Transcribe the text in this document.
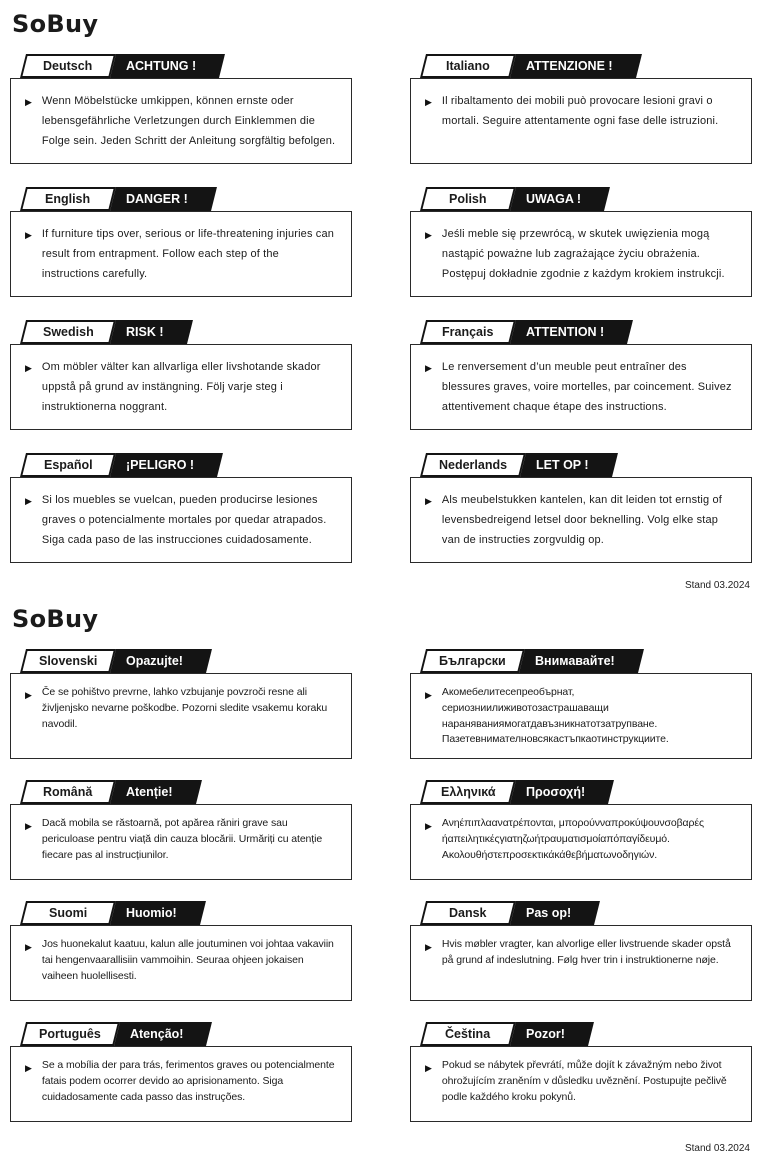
SoBuy
Deutsch	ACHTUNG !
▶ Wenn Möbelstücke umkippen, können ernste oder lebensgefährliche Verletzungen durch Einklemmen die Folge sein. Jeden Schritt der Anleitung sorgfältig befolgen.

Italiano	ATTENZIONE !
▶ Il ribaltamento dei mobili può provocare lesioni gravi o mortali. Seguire attentamente ogni fase delle istruzioni.

English	DANGER !
▶ If furniture tips over, serious or life-threatening injuries can result from entrapment. Follow each step of the instructions carefully.

Polish	UWAGA !
▶ Jeśli meble się przewrócą, w skutek uwięzienia mogą nastąpić poważne lub zagrażające życiu obrażenia. Postępuj dokładnie zgodnie z każdym krokiem instrukcji.

Swedish	RISK !
▶ Om möbler välter kan allvarliga eller livshotande skador uppstå på grund av instängning. Följ varje steg i instruktionerna noggrant.

Français	ATTENTION !
▶ Le renversement d’un meuble peut entraîner des blessures graves, voire mortelles, par coincement. Suivez attentivement chaque étape des instructions.

Español	¡PELIGRO !
▶ Si los muebles se vuelcan, pueden producirse lesiones graves o potencialmente mortales por quedar atrapados. Siga cada paso de las instrucciones cuidadosamente.

Nederlands	LET OP !
▶ Als meubelstukken kantelen, kan dit leiden tot ernstig of levensbedreigend letsel door beknelling. Volg elke stap van de instructies zorgvuldig op.

Stand 03.2024
SoBuy
Slovenski	Opazujte!
▶ Če se pohištvo prevrne, lahko vzbujanje povzroči resne ali življenjsko nevarne poškodbe. Pozorni sledite vsakemu koraku navodil.

Български	Внимавайте!
▶ Акомебелитесепреобърнат, сериозниилиживотозастрашаващи нараняваниямогатдавъзникнатотзатрупване. Пазетевнимателновсякастъпкаотинструкциите.

Română	Atenție!
▶ Dacă mobila se răstoarnă, pot apărea răniri grave sau periculoase pentru viață din cauza blocării. Urmăriți cu atenție fiecare pas al instrucțiunilor.

Ελληνικά	Προσοχή!
▶ Ανηέπιπλαανατρέπονται, μπορούνναπροκύψουνσοβαρές ήαπειλητικέςγιατηζωήτραυματισμοίαπόπαγίδευμό. Ακολουθήστεπροσεκτικάκάθεβήματωνοδηγιών.

Suomi	Huomio!
▶ Jos huonekalut kaatuu, kalun alle joutuminen voi johtaa vakaviin tai hengenvaarallisiin vammoihin. Seuraa ohjeen jokaisen vaiheen huolellisesti.

Dansk	Pas op!
▶ Hvis møbler vragter, kan alvorlige eller livstruende skader opstå på grund af indeslutning. Følg hver trin i instruktionerne nøje.

Português	Atenção!
▶ Se a mobília der para trás, ferimentos graves ou potencialmente fatais podem ocorrer devido ao aprisionamento. Siga cuidadosamente cada passo das instruções.

Čeština	Pozor!
▶ Pokud se nábytek převrátí, může dojít k závažným nebo život ohrožujícím zraněním v důsledku uvěznění. Postupujte pečlivě podle každého kroku pokynů.

Stand 03.2024
